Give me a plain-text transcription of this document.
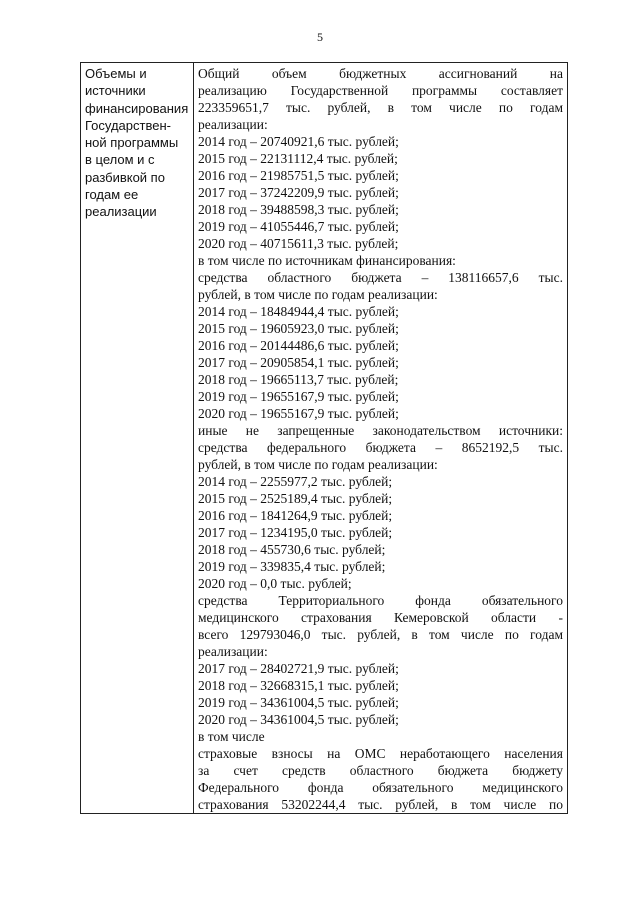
5
Объемы и
источники
финансирования
Государствен-
ной программы
в целом и с
разбивкой по
годам ее
реализации

Общий объем бюджетных ассигнований на
реализацию Государственной программы составляет
223359651,7 тыс. рублей, в том числе по годам
реализации:
2014 год – 20740921,6 тыс. рублей;
2015 год – 22131112,4 тыс. рублей;
2016 год – 21985751,5 тыс. рублей;
2017 год – 37242209,9 тыс. рублей;
2018 год – 39488598,3 тыс. рублей;
2019 год – 41055446,7 тыс. рублей;
2020 год – 40715611,3 тыс. рублей;
в том числе по источникам финансирования:
средства областного бюджета – 138116657,6 тыс.
рублей, в том числе по годам реализации:
2014 год – 18484944,4 тыс. рублей;
2015 год – 19605923,0 тыс. рублей;
2016 год – 20144486,6 тыс. рублей;
2017 год – 20905854,1 тыс. рублей;
2018 год – 19665113,7 тыс. рублей;
2019 год – 19655167,9 тыс. рублей;
2020 год – 19655167,9 тыс. рублей;
иные не запрещенные законодательством источники:
средства федерального бюджета – 8652192,5 тыс.
рублей, в том числе по годам реализации:
2014 год – 2255977,2 тыс. рублей;
2015 год – 2525189,4 тыс. рублей;
2016 год – 1841264,9 тыс. рублей;
2017 год – 1234195,0 тыс. рублей;
2018 год – 455730,6 тыс. рублей;
2019 год – 339835,4 тыс. рублей;
2020 год – 0,0 тыс. рублей;
средства Территориального фонда обязательного
медицинского страхования Кемеровской области -
всего 129793046,0 тыс. рублей, в том числе по годам
реализации:
2017 год – 28402721,9 тыс. рублей;
2018 год – 32668315,1 тыс. рублей;
2019 год – 34361004,5 тыс. рублей;
2020 год – 34361004,5 тыс. рублей;
в том числе
страховые взносы на ОМС неработающего населения
за счет средств областного бюджета бюджету
Федерального фонда обязательного медицинского
страхования 53202244,4 тыс. рублей, в том числе по
